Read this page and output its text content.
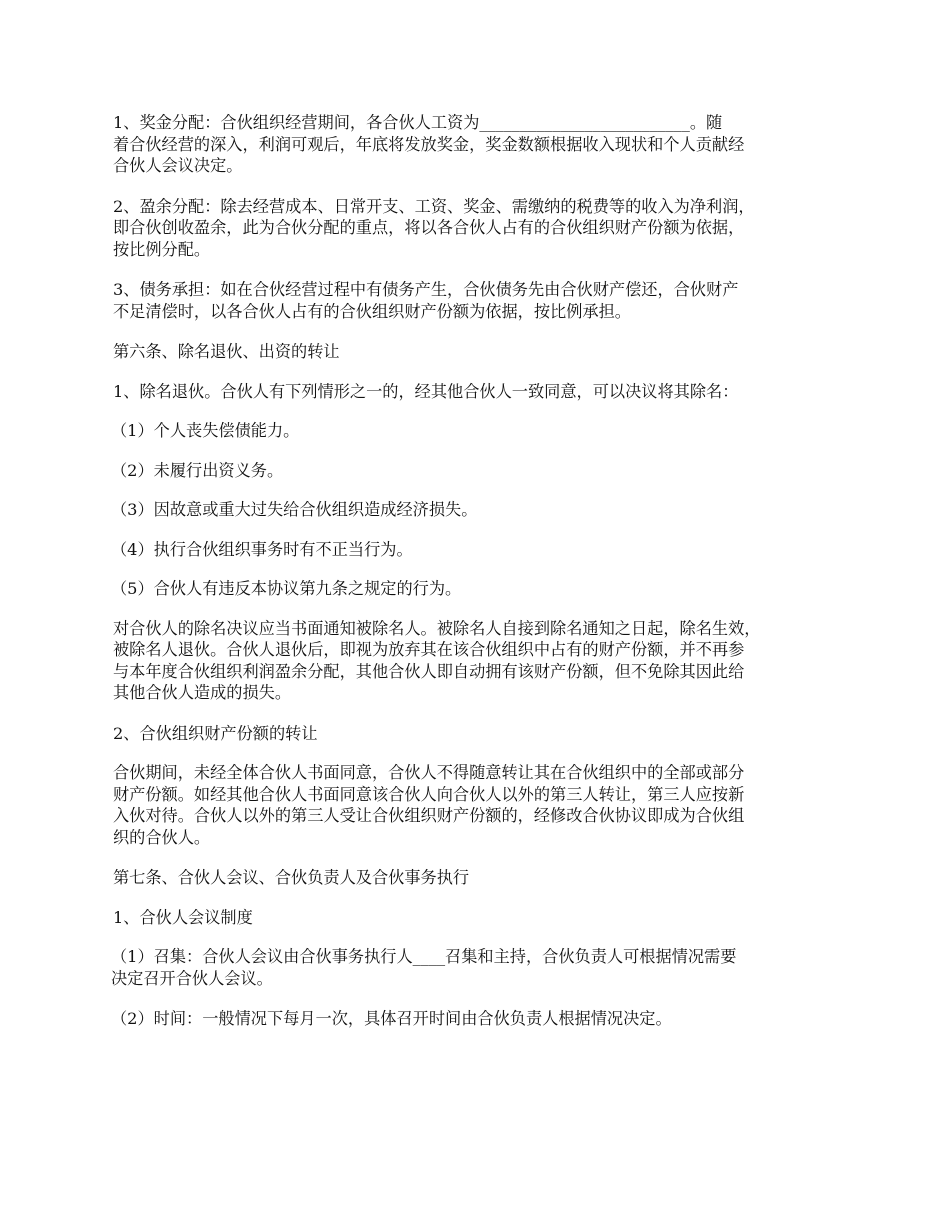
1、奖金分配：合伙组织经营期间，各合伙人工资为__________________________。随
着合伙经营的深入，利润可观后，年底将发放奖金，奖金数额根据收入现状和个人贡献经
合伙人会议决定。

2、盈余分配：除去经营成本、日常开支、工资、奖金、需缴纳的税费等的收入为净利润，
即合伙创收盈余，此为合伙分配的重点，将以各合伙人占有的合伙组织财产份额为依据，
按比例分配。

3、债务承担：如在合伙经营过程中有债务产生，合伙债务先由合伙财产偿还，合伙财产
不足清偿时，以各合伙人占有的合伙组织财产份额为依据，按比例承担。

第六条、除名退伙、出资的转让

1、除名退伙。合伙人有下列情形之一的，经其他合伙人一致同意，可以决议将其除名：

（1）个人丧失偿债能力。

（2）未履行出资义务。

（3）因故意或重大过失给合伙组织造成经济损失。

（4）执行合伙组织事务时有不正当行为。

（5）合伙人有违反本协议第九条之规定的行为。

对合伙人的除名决议应当书面通知被除名人。被除名人自接到除名通知之日起，除名生效，
被除名人退伙。合伙人退伙后，即视为放弃其在该合伙组织中占有的财产份额，并不再参
与本年度合伙组织利润盈余分配，其他合伙人即自动拥有该财产份额，但不免除其因此给
其他合伙人造成的损失。

2、合伙组织财产份额的转让

合伙期间，未经全体合伙人书面同意，合伙人不得随意转让其在合伙组织中的全部或部分
财产份额。如经其他合伙人书面同意该合伙人向合伙人以外的第三人转让，第三人应按新
入伙对待。合伙人以外的第三人受让合伙组织财产份额的，经修改合伙协议即成为合伙组
织的合伙人。

第七条、合伙人会议、合伙负责人及合伙事务执行

1、合伙人会议制度

（1）召集：合伙人会议由合伙事务执行人____召集和主持，合伙负责人可根据情况需要
决定召开合伙人会议。

（2）时间：一般情况下每月一次，具体召开时间由合伙负责人根据情况决定。
